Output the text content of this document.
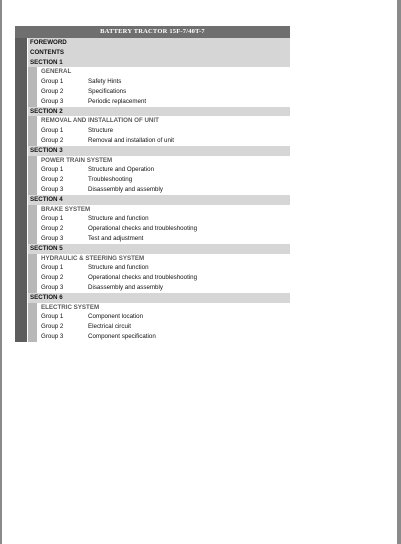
BATTERY TRACTOR 15F-7/40T-7
FOREWORD
CONTENTS
SECTION 1
GENERAL
Group 1	Safety Hints
Group 2	Specifications
Group 3	Periodic replacement
SECTION 2
REMOVAL AND INSTALLATION OF UNIT
Group 1	Structure
Group 2	Removal and installation of unit
SECTION 3
POWER TRAIN SYSTEM
Group 1	Structure and Operation
Group 2	Troubleshooting
Group 3	Disassembly and assembly
SECTION 4
BRAKE SYSTEM
Group 1	Structure and function
Group 2	Operational checks and troubleshooting
Group 3	Test and adjustment
SECTION 5
HYDRAULIC & STEERING SYSTEM
Group 1	Structure and function
Group 2	Operational checks and troubleshooting
Group 3	Disassembly and assembly
SECTION 6
ELECTRIC SYSTEM
Group 1	Component location
Group 2	Electrical circuit
Group 3	Component specification
